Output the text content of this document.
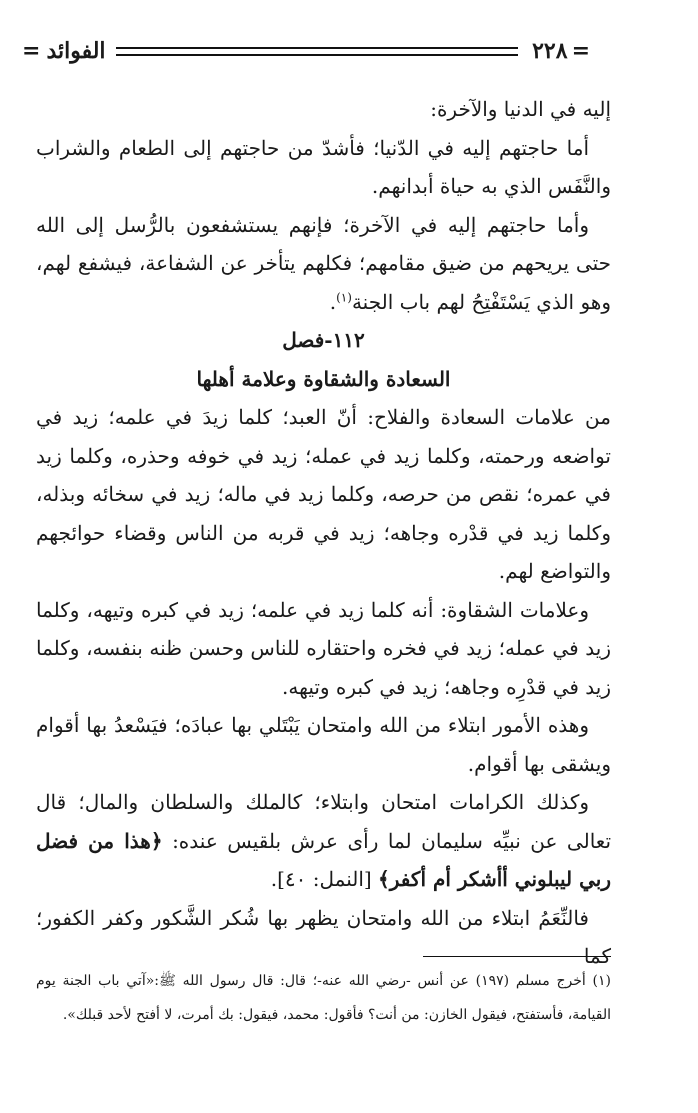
= الفوائد	٢٢٨ =

إليه في الدنيا والآخرة:

أما حاجتهم إليه في الدّنيا؛ فأشدّ من حاجتهم إلى الطعام والشراب والنَّفَس الذي به حياة أبدانهم.

وأما حاجتهم إليه في الآخرة؛ فإنهم يستشفعون بالرُّسل إلى الله حتى يريحهم من ضيق مقامهم؛ فكلهم يتأخر عن الشفاعة، فيشفع لهم، وهو الذي يَسْتَفْتِحُ لهم باب الجنة$^{(١)}$.

١١٢-فصل

السعادة والشقاوة وعلامة أهلها

من علامات السعادة والفلاح: أنّ العبد؛ كلما زيدَ في علمه؛ زيد في تواضعه ورحمته، وكلما زيد في عمله؛ زيد في خوفه وحذره، وكلما زيد في عمره؛ نقص من حرصه، وكلما زيد في ماله؛ زيد في سخائه وبذله، وكلما زيد في قدْره وجاهه؛ زيد في قربه من الناس وقضاء حوائجهم والتواضع لهم.

وعلامات الشقاوة: أنه كلما زيد في علمه؛ زيد في كبره وتيهه، وكلما زيد في عمله؛ زيد في فخره واحتقاره للناس وحسن ظنه بنفسه، وكلما زيد في قدْرِه وجاهه؛ زيد في كبره وتيهه.

وهذه الأمور ابتلاء من الله وامتحان يَبْتَلي بها عبادَه؛ فيَسْعدُ بها أقوام ويشقى بها أقوام.

وكذلك الكرامات امتحان وابتلاء؛ كالملك والسلطان والمال؛ قال تعالى عن نبيِّه سليمان لما رأى عرش بلقيس عنده: ﴿هذا من فضل ربي ليبلوني أأشكر أم أكفر﴾ [النمل: ٤٠].

فالنِّعَمُ ابتلاء من الله وامتحان يظهر بها شُكر الشَّكور وكفر الكفور؛ كما

(١) أخرج مسلم (١٩٧) عن أنس -رضي الله عنه-؛ قال: قال رسول الله ﷺ:«آتي باب الجنة يوم القيامة، فأستفتح، فيقول الخازن: من أنت؟ فأقول: محمد، فيقول: بك أمرت، لا أفتح لأحد قبلك».
